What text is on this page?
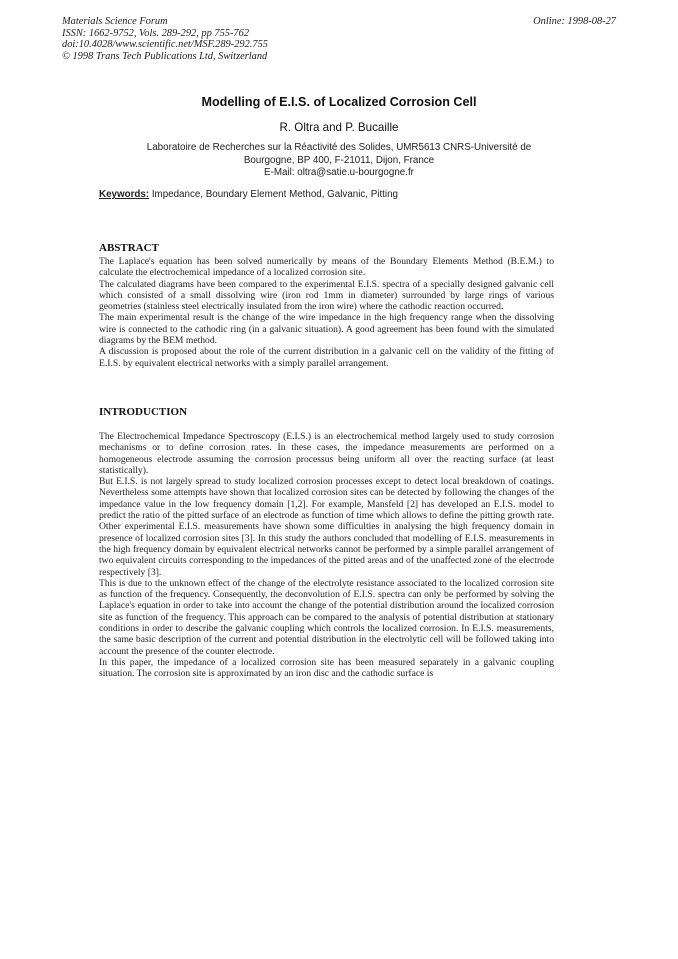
Materials Science Forum
ISSN: 1662-9752, Vols. 289-292, pp 755-762
doi:10.4028/www.scientific.net/MSF.289-292.755
© 1998 Trans Tech Publications Ltd, Switzerland
Online: 1998-08-27
Modelling of E.I.S. of Localized Corrosion Cell
R. Oltra and P. Bucaille
Laboratoire de Recherches sur la Réactivité des Solides, UMR5613 CNRS-Université de
Bourgogne, BP 400, F-21011, Dijon, France
E-Mail: oltra@satie.u-bourgogne.fr
Keywords: Impedance, Boundary Element Method, Galvanic, Pitting
ABSTRACT

The Laplace's equation has been solved numerically by means of the Boundary Elements Method (B.E.M.) to calculate the electrochemical impedance of a localized corrosion site.

The calculated diagrams have been compared to the experimental E.I.S. spectra of a specially designed galvanic cell which consisted of a small dissolving wire (iron rod 1mm in diameter) surrounded by large rings of various geometries (stainless steel electrically insulated from the iron wire) where the cathodic reaction occurred.

The main experimental result is the change of the wire impedance in the high frequency range when the dissolving wire is connected to the cathodic ring (in a galvanic situation). A good agreement has been found with the simulated diagrams by the BEM method.

A discussion is proposed about the role of the current distribution in a galvanic cell on the validity of the fitting of E.I.S. by equivalent electrical networks with a simply parallel arrangement.

INTRODUCTION

The Electrochemical Impedance Spectroscopy (E.I.S.) is an electrochemical method largely used to study corrosion mechanisms or to define corrosion rates. In these cases, the impedance measurements are performed on a homogeneous electrode assuming the corrosion processus being uniform all over the reacting surface (at least statistically).

But E.I.S. is not largely spread to study localized corrosion processes except to detect local breakdown of coatings. Nevertheless some attempts have shown that localized corrosion sites can be detected by following the changes of the impedance value in the low frequency domain [1,2]. For example, Mansfeld [2] has developed an E.I.S. model to predict the ratio of the pitted surface of an electrode as function of time which allows to define the pitting growth rate. Other experimental E.I.S. measurements have shown some difficulties in analysing the high frequency domain in presence of localized corrosion sites [3]. In this study the authors concluded that modelling of E.I.S. measurements in the high frequency domain by equivalent electrical networks cannot be performed by a simple parallel arrangement of two equivalent circuits corresponding to the impedances of the pitted areas and of the unaffected zone of the electrode respectively [3].

This is due to the unknown effect of the change of the electrolyte resistance associated to the localized corrosion site as function of the frequency. Consequently, the deconvolution of E.I.S. spectra can only be performed by solving the Laplace's equation in order to take into account the change of the potential distribution around the localized corrosion site as function of the frequency. This approach can be compared to the analysis of potential distribution at stationary conditions in order to describe the galvanic coupling which controls the localized corrosion. In E.I.S. measurements, the same basic description of the current and potential distribution in the electrolytic cell will be followed taking into account the presence of the counter electrode.

In this paper, the impedance of a localized corrosion site has been measured separately in a galvanic coupling situation. The corrosion site is approximated by an iron disc and the cathodic surface is
